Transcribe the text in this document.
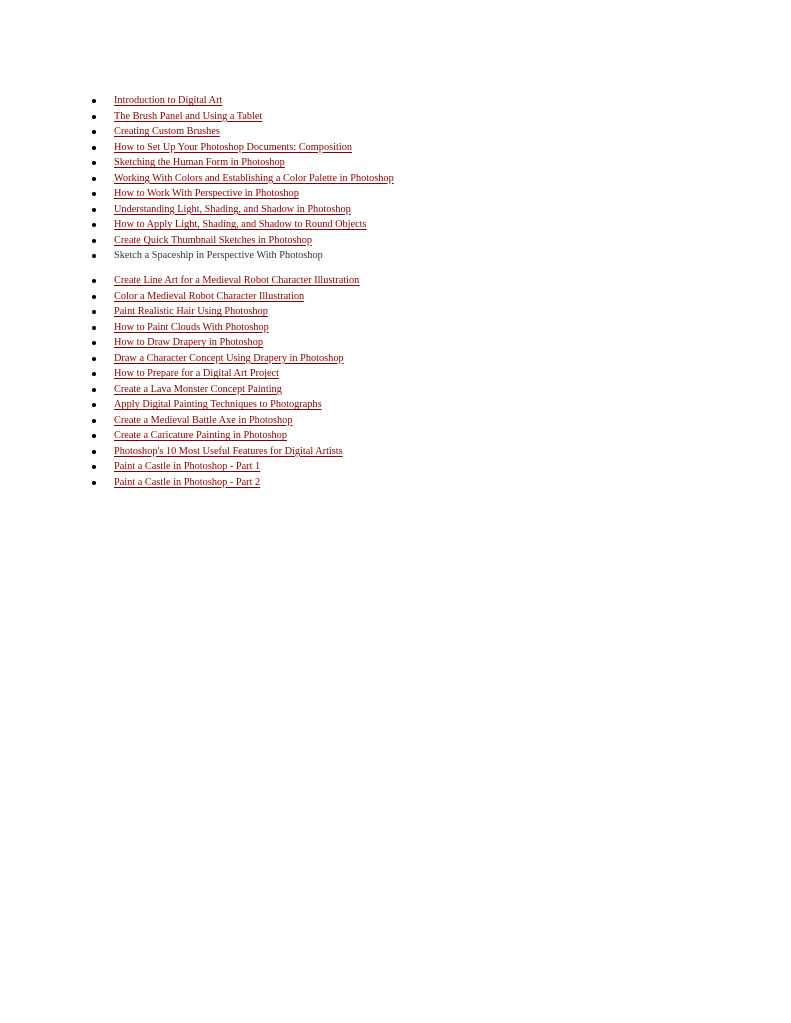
Introduction to Digital Art
The Brush Panel and Using a Tablet
Creating Custom Brushes
How to Set Up Your Photoshop Documents: Composition
Sketching the Human Form in Photoshop
Working With Colors and Establishing a Color Palette in Photoshop
How to Work With Perspective in Photoshop
Understanding Light, Shading, and Shadow in Photoshop
How to Apply Light, Shading, and Shadow to Round Objects
Create Quick Thumbnail Sketches in Photoshop
Sketch a Spaceship in Perspective With Photoshop
Create Line Art for a Medieval Robot Character Illustration
Color a Medieval Robot Character Illustration
Paint Realistic Hair Using Photoshop
How to Paint Clouds With Photoshop
How to Draw Drapery in Photoshop
Draw a Character Concept Using Drapery in Photoshop
How to Prepare for a Digital Art Project
Create a Lava Monster Concept Painting
Apply Digital Painting Techniques to Photographs
Create a Medieval Battle Axe in Photoshop
Create a Caricature Painting in Photoshop
Photoshop's 10 Most Useful Features for Digital Artists
Paint a Castle in Photoshop - Part 1
Paint a Castle in Photoshop - Part 2
